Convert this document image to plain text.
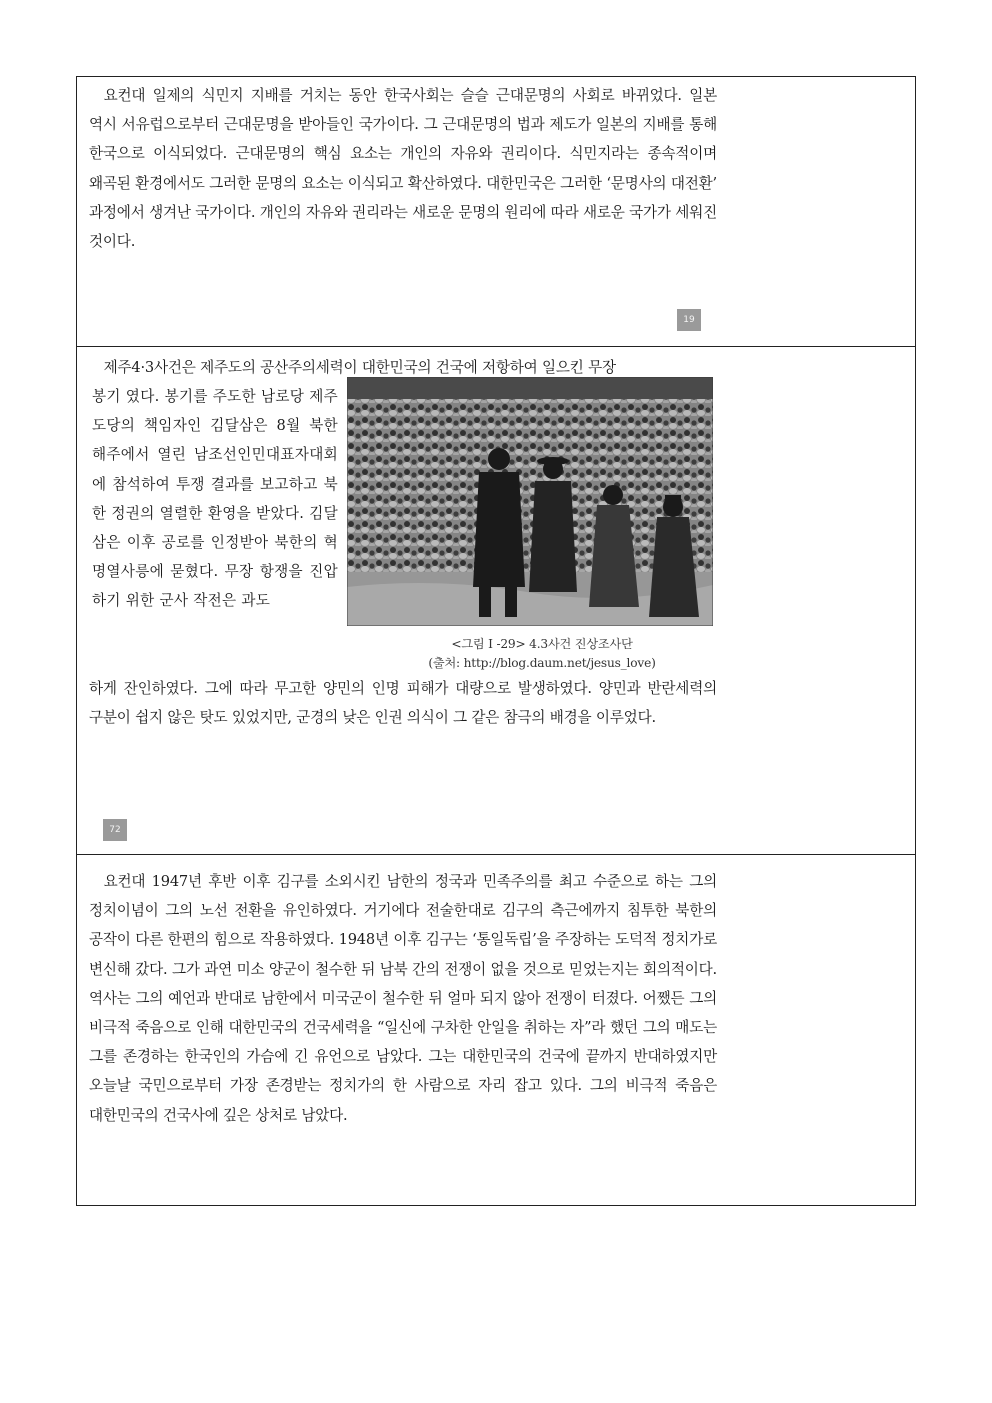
요컨대 일제의 식민지 지배를 거치는 동안 한국사회는 슬슬 근대문명의 사회로 바뀌었다. 일본 역시 서유럽으로부터 근대문명을 받아들인 국가이다. 그 근대문명의 법과 제도가 일본의 지배를 통해 한국으로 이식되었다. 근대문명의 핵심 요소는 개인의 자유와 권리이다. 식민지라는 종속적이며 왜곡된 환경에서도 그러한 문명의 요소는 이식되고 확산하였다. 대한민국은 그러한 ‘문명사의 대전환’ 과정에서 생겨난 국가이다. 개인의 자유와 권리라는 새로운 문명의 원리에 따라 새로운 국가가 세워진 것이다.

19
제주4·3사건은 제주도의 공산주의세력이 대한민국의 건국에 저항하여 일으킨 무장
봉기 였다. 봉기를 주도한 남로당 제주도당의 책임자인 김달삼은 8월 북한 해주에서 열린 남조선인민대표자대회에 참석하여 투쟁 결과를 보고하고 북한 정권의 열렬한 환영을 받았다. 김달삼은 이후 공로를 인정받아 북한의 혁명열사릉에 묻혔다. 무장 항쟁을 진압하기 위한 군사 작전은 과도
<그림 I -29> 4.3사건 진상조사단
(출처: http://blog.daum.net/jesus_love)
하게 잔인하였다. 그에 따라 무고한 양민의 인명 피해가 대량으로 발생하였다. 양민과 반란세력의 구분이 쉽지 않은 탓도 있었지만, 군경의 낮은 인권 의식이 그 같은 참극의 배경을 이루었다.
72

요컨대 1947년 후반 이후 김구를 소외시킨 남한의 정국과 민족주의를 최고 수준으로 하는 그의 정치이념이 그의 노선 전환을 유인하였다. 거기에다 전술한대로 김구의 측근에까지 침투한 북한의 공작이 다른 한편의 힘으로 작용하였다. 1948년 이후 김구는 ‘통일독립’을 주장하는 도덕적 정치가로 변신해 갔다. 그가 과연 미소 양군이 철수한 뒤 남북 간의 전쟁이 없을 것으로 믿었는지는 회의적이다. 역사는 그의 예언과 반대로 남한에서 미국군이 철수한 뒤 얼마 되지 않아 전쟁이 터졌다. 어쨌든 그의 비극적 죽음으로 인해 대한민국의 건국세력을 “일신에 구차한 안일을 취하는 자”라 했던 그의 매도는 그를 존경하는 한국인의 가슴에 긴 유언으로 남았다. 그는 대한민국의 건국에 끝까지 반대하였지만 오늘날 국민으로부터 가장 존경받는 정치가의 한 사람으로 자리 잡고 있다. 그의 비극적 죽음은 대한민국의 건국사에 깊은 상처로 남았다.
